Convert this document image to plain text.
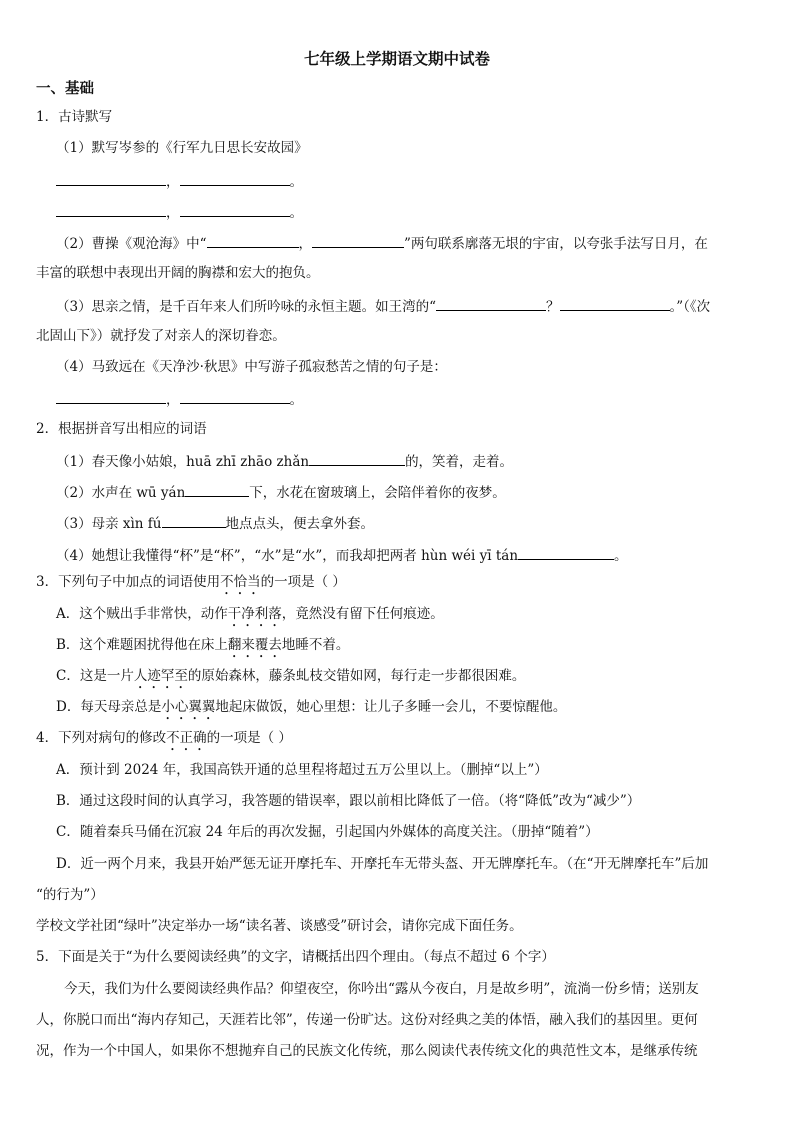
七年级上学期语文期中试卷
一、基础
1．古诗默写
（1）默写岑参的《行军九日思长安故园》
，	。
，	。
（2）曹操《观沧海》中“	，	”两句联系廓落无垠的宇宙，以夸张手法写日月，在
丰富的联想中表现出开阔的胸襟和宏大的抱负。
（3）思亲之情，是千百年来人们所吟咏的永恒主题。如王湾的“	？	。”（《次
北固山下》）就抒发了对亲人的深切眷恋。
（4）马致远在《天净沙·秋思》中写游子孤寂愁苦之情的句子是：
，	。
2．根据拼音写出相应的词语
（1）春天像小姑娘，huā zhī zhāo zhǎn	的，笑着，走着。
（2）水声在 wū yán	下，水花在窗玻璃上，会陪伴着你的夜梦。
（3）母亲 xìn fú	地点点头，便去拿外套。
（4）她想让我懂得“杯”是“杯”，“水”是“水”，而我却把两者 hùn wéi yī tán	。
3．下列句子中加点的词语使用不恰当的一项是（ ）
A．这个贼出手非常快，动作干净利落，竟然没有留下任何痕迹。
B．这个难题困扰得他在床上翻来覆去地睡不着。
C．这是一片人迹罕至的原始森林，藤条虬枝交错如网，每行走一步都很困难。
D．每天母亲总是小心翼翼地起床做饭，她心里想：让儿子多睡一会儿，不要惊醒他。
4．下列对病句的修改不正确的一项是（ ）
A．预计到 2024 年，我国高铁开通的总里程将超过五万公里以上。（删掉“以上”）
B．通过这段时间的认真学习，我答题的错误率，跟以前相比降低了一倍。（将“降低”改为“减少”）
C．随着秦兵马俑在沉寂 24 年后的再次发掘，引起国内外媒体的高度关注。（册掉“随着”）
D．近一两个月来，我县开始严惩无证开摩托车、开摩托车无带头盔、开无牌摩托车。（在“开无牌摩托车”后加
“的行为”）
学校文学社团“绿叶”决定举办一场“读名著、谈感受”研讨会，请你完成下面任务。
5．下面是关于“为什么要阅读经典”的文字，请概括出四个理由。（每点不超过 6 个字）
今天，我们为什么要阅读经典作品？仰望夜空，你吟出“露从今夜白，月是故乡明”，流淌一份乡情；送别友
人，你脱口而出“海内存知己，天涯若比邻”，传递一份旷达。这份对经典之美的体悟，融入我们的基因里。更何
况，作为一个中国人，如果你不想抛弃自己的民族文化传统，那么阅读代表传统文化的典范性文本，是继承传统
